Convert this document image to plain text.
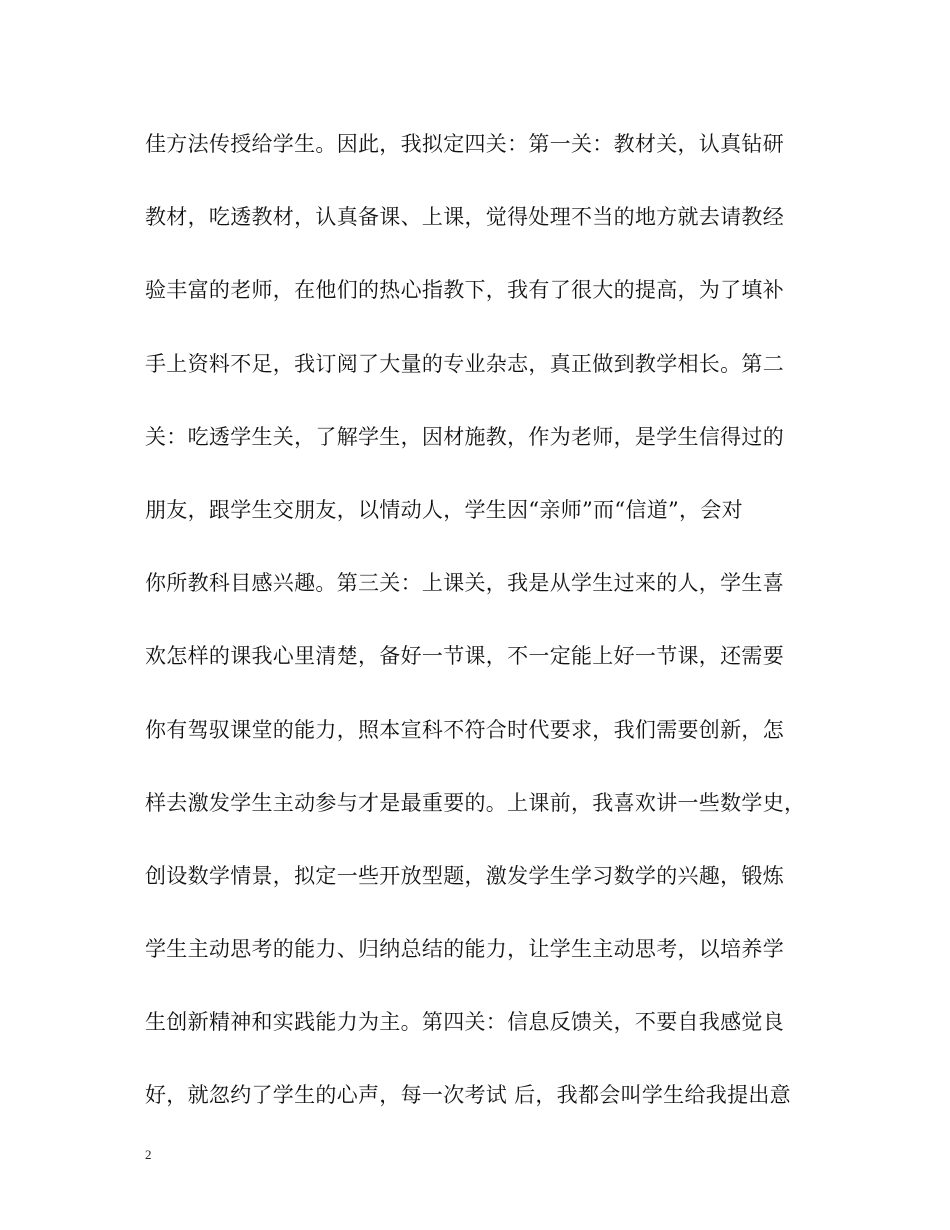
佳方法传授给学生。因此，我拟定四关：第一关：教材关，认真钻研
教材，吃透教材，认真备课、上课，觉得处理不当的地方就去请教经
验丰富的老师，在他们的热心指教下，我有了很大的提高，为了填补
手上资料不足，我订阅了大量的专业杂志，真正做到教学相长。第二
关：吃透学生关，了解学生，因材施教，作为老师，是学生信得过的
朋友，跟学生交朋友，以情动人，学生因“亲师”而“信道”，会对
你所教科目感兴趣。第三关：上课关，我是从学生过来的人，学生喜
欢怎样的课我心里清楚，备好一节课，不一定能上好一节课，还需要
你有驾驭课堂的能力，照本宣科不符合时代要求，我们需要创新，怎
样去激发学生主动参与才是最重要的。上课前，我喜欢讲一些数学史，
创设数学情景，拟定一些开放型题，激发学生学习数学的兴趣，锻炼
学生主动思考的能力、归纳总结的能力，让学生主动思考，以培养学
生创新精神和实践能力为主。第四关：信息反馈关，不要自我感觉良
好，就忽约了学生的心声，每一次考试 后，我都会叫学生给我提出意
2
